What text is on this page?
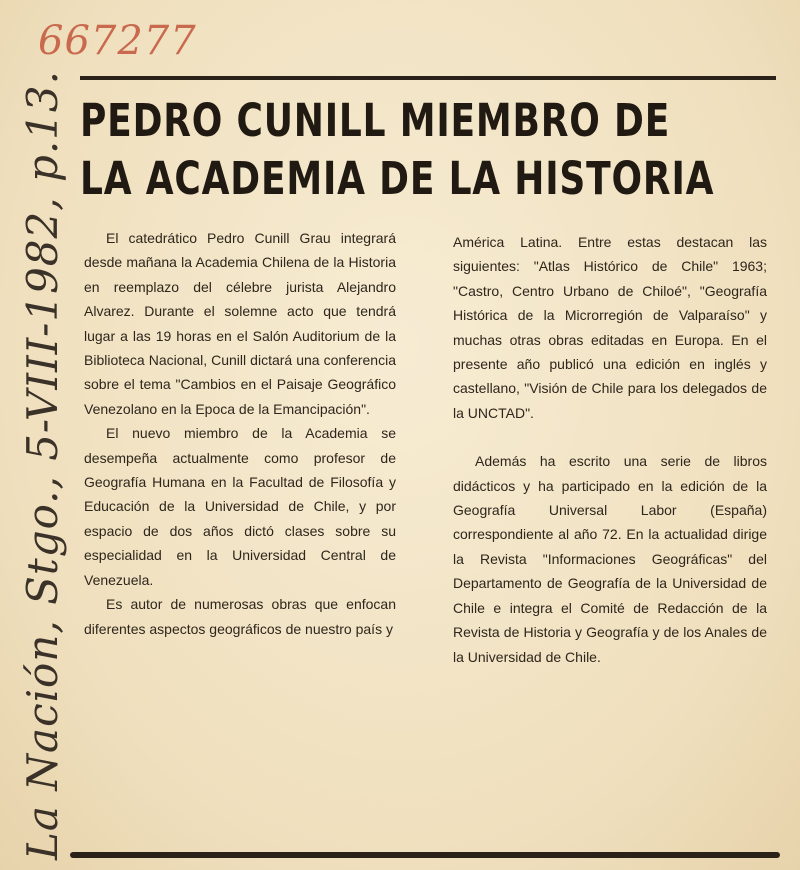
667277
La Nación, Stgo., 5-VIII-1982, p.13. PEDRO CUNILL MIEMBRO DE
LA ACADEMIA DE LA HISTORIA

El catedrático Pedro Cunill Grau integrará desde mañana la Academia Chilena de la Historia en reemplazo del célebre jurista Alejandro Alvarez. Durante el solemne acto que tendrá lugar a las 19 horas en el Salón Auditorium de la Biblioteca Nacional, Cunill dictará una conferencia sobre el tema "Cambios en el Paisaje Geográfico Venezolano en la Epoca de la Emancipación".

El nuevo miembro de la Academia se desempeña actualmente como profesor de Geografía Humana en la Facultad de Filosofía y Educación de la Universidad de Chile, y por espacio de dos años dictó clases sobre su especialidad en la Universidad Central de Venezuela.

Es autor de numerosas obras que enfocan diferentes aspectos geográficos de nuestro país y

América Latina. Entre estas destacan las siguientes: "Atlas Histórico de Chile" 1963; "Castro, Centro Urbano de Chiloé", "Geografía Histórica de la Microrregión de Valparaíso" y muchas otras obras editadas en Europa. En el presente año publicó una edición en inglés y castellano, "Visión de Chile para los delegados de la UNCTAD".

Además ha escrito una serie de libros didácticos y ha participado en la edición de la Geografía Universal Labor (España) correspondiente al año 72. En la actualidad dirige la Revista "Informaciones Geográficas" del Departamento de Geografía de la Universidad de Chile e integra el Comité de Redacción de la Revista de Historia y Geografía y de los Anales de la Universidad de Chile.
